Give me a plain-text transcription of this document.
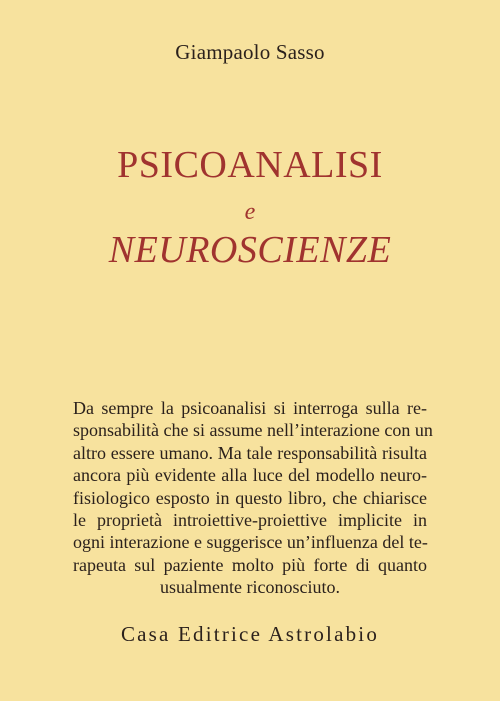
Giampaolo Sasso
PSICOANALISI
e
NEUROSCIENZE
Da sempre la psicoanalisi si interroga sulla re-
sponsabilità che si assume nell’interazione con un
altro essere umano. Ma tale responsabilità risulta
ancora più evidente alla luce del modello neuro-
fisiologico esposto in questo libro, che chiarisce
le proprietà introiettive-proiettive implicite in
ogni interazione e suggerisce un’influenza del te-
rapeuta sul paziente molto più forte di quanto
usualmente riconosciuto.
Casa Editrice Astrolabio
